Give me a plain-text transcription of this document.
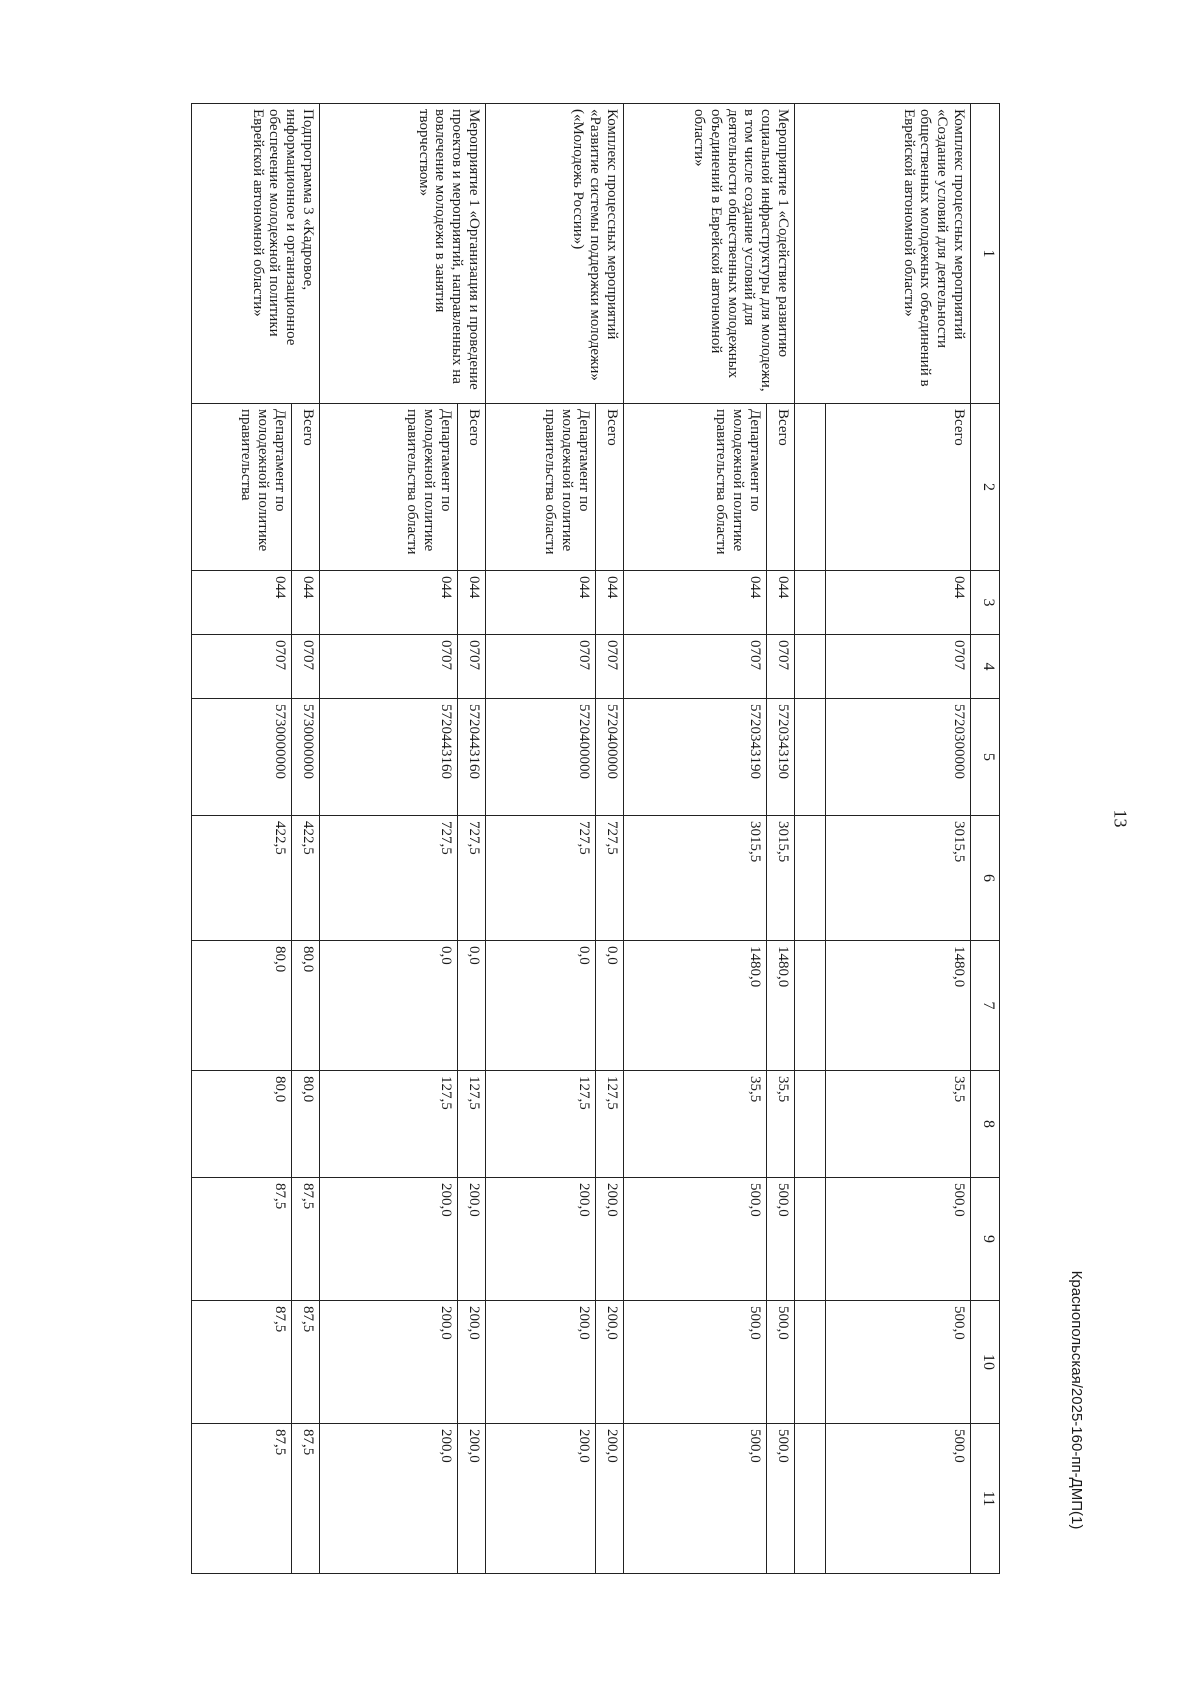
13
Краснопольская/2025-160-пп-ДМП(1)
1	2	3	4	5	6	7	8	9	10	11
Комплекс процессных мероприятий «Создание условий для деятельности общественных молодежных объединений в Еврейской автономной области»	Всего	044	0707	5720300000	3015,5	1480,0	35,5	500,0	500,0	500,0

Мероприятие 1 «Содействие развитию социальной инфраструктуры для молодежи, в том числе создание условий для деятельности общественных молодежных объединений в Еврейской автономной области»	Всего	044	0707	5720343190	3015,5	1480,0	35,5	500,0	500,0	500,0
	Департамент по молодежной политике правительства области	044	0707	5720343190	3015,5	1480,0	35,5	500,0	500,0	500,0
Комплекс процессных мероприятий «Развитие системы поддержки молодежи» («Молодежь России»)	Всего	044	0707	5720400000	727,5	0,0	127,5	200,0	200,0	200,0
	Департамент по молодежной политике правительства области	044	0707	5720400000	727,5	0,0	127,5	200,0	200,0	200,0
Мероприятие 1 «Организация и проведение проектов и мероприятий, направленных на вовлечение молодежи в занятия творчеством»	Всего	044	0707	5720443160	727,5	0,0	127,5	200,0	200,0	200,0
	Департамент по молодежной политике правительства области	044	0707	5720443160	727,5	0,0	127,5	200,0	200,0	200,0
Подпрограмма 3 «Кадровое, информационное и организационное обеспечение молодежной политики Еврейской автономной области»	Всего	044	0707	5730000000	422,5	80,0	80,0	87,5	87,5	87,5
	Департамент по молодежной политике правительства	044	0707	5730000000	422,5	80,0	80,0	87,5	87,5	87,5
